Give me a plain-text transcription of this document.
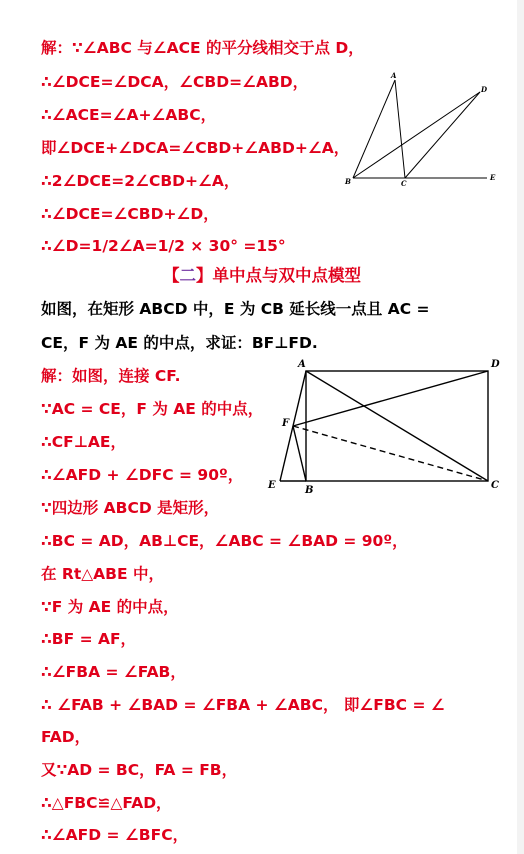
解：∵∠ABC 与∠ACE 的平分线相交于点 D，
∴∠DCE=∠DCA，∠CBD=∠ABD，
∴∠ACE=∠A+∠ABC，
即∠DCE+∠DCA=∠CBD+∠ABD+∠A，
∴2∠DCE=2∠CBD+∠A，
∴∠DCE=∠CBD+∠D，
∴∠D=1/2∠A=1/2 × 30° =15°
A
D
B	C
E
【二】单中点与双中点模型
如图，在矩形 ABCD 中，E 为 CB 延长线一点且 AC =
CE，F 为 AE 的中点，求证：BF⊥FD.
解：如图，连接 CF.
∵AC = CE，F 为 AE 的中点，
∴CF⊥AE，
∴∠AFD + ∠DFC = 90º，
∵四边形 ABCD 是矩形，
∴BC = AD，AB⊥CE，∠ABC = ∠BAD = 90º，
在 Rt△ABE 中，
∵F 为 AE 的中点，
∴BF = AF，
∴∠FBA = ∠FAB，
∴ ∠FAB + ∠BAD = ∠FBA + ∠ABC， 即∠FBC = ∠
FAD，
又∵AD = BC，FA = FB，
∴△FBC≌△FAD，
∴∠AFD = ∠BFC，
A	D
F
E	B	C
